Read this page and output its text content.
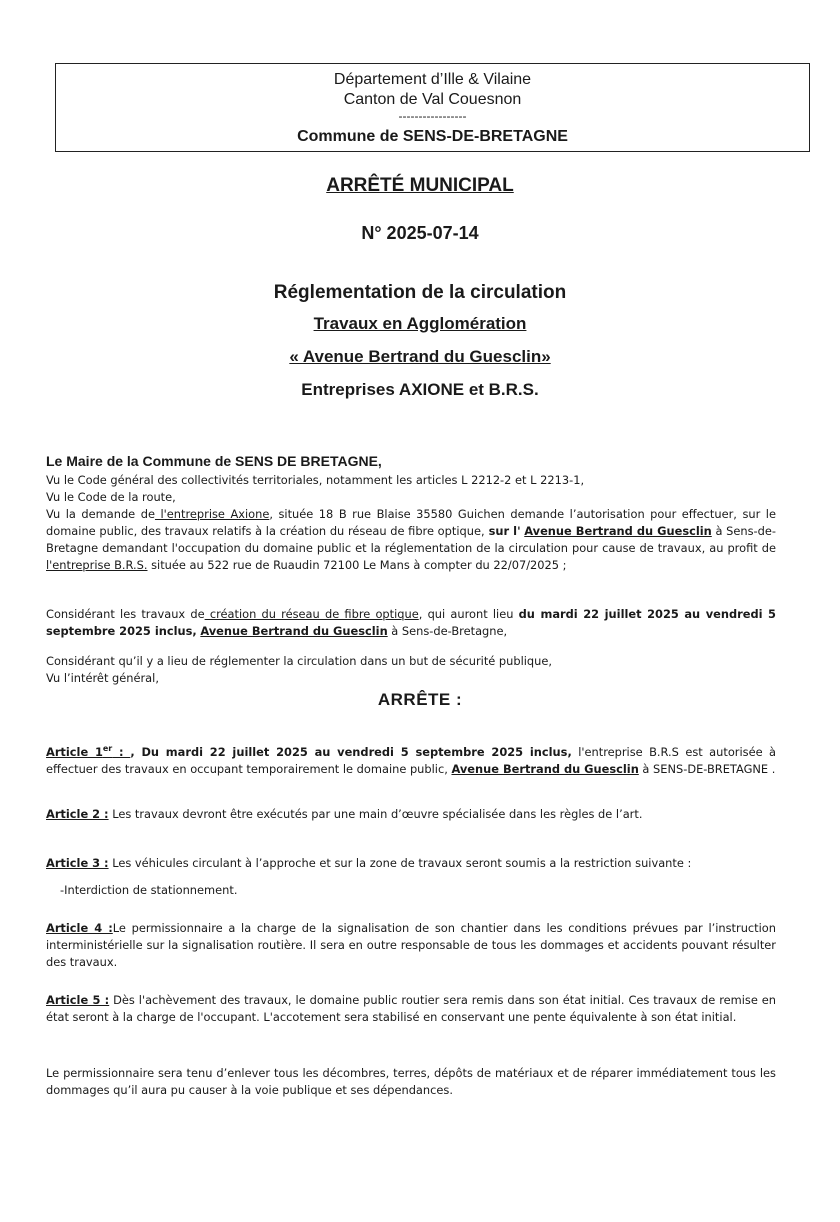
Département d’Ille & Vilaine
Canton de Val Couesnon
-----------------
Commune de SENS-DE-BRETAGNE
ARRÊTÉ MUNICIPAL
N° 2025-07-14
Réglementation de la circulation
Travaux en Agglomération
« Avenue Bertrand du Guesclin»
Entreprises AXIONE et B.R.S.
Le Maire de la Commune de SENS DE BRETAGNE,

Vu le Code général des collectivités territoriales, notamment les articles L 2212-2 et L 2213-1,

Vu le Code de la route,

Vu la demande de l'entreprise Axione, située 18 B rue Blaise 35580 Guichen demande l’autorisation pour effectuer, sur le domaine public, des travaux relatifs à la création du réseau de fibre optique, sur l' Avenue Bertrand du Guesclin à Sens-de-Bretagne demandant l'occupation du domaine public et la réglementation de la circulation pour cause de travaux, au profit de l'entreprise B.R.S. située au 522 rue de Ruaudin 72100 Le Mans à compter du 22/07/2025 ;

Considérant les travaux de création du réseau de fibre optique, qui auront lieu du mardi 22 juillet 2025 au vendredi 5 septembre 2025 inclus, Avenue Bertrand du Guesclin à Sens-de-Bretagne,

Considérant qu’il y a lieu de réglementer la circulation dans un but de sécurité publique,

Vu l’intérêt général,

ARRÊTE :
Article 1er : , Du mardi 22 juillet 2025 au vendredi 5 septembre 2025 inclus, l'entreprise B.R.S est autorisée à effectuer des travaux en occupant temporairement le domaine public, Avenue Bertrand du Guesclin à SENS-DE-BRETAGNE .
Article 2 : Les travaux devront être exécutés par une main d’œuvre spécialisée dans les règles de l’art.
Article 3 : Les véhicules circulant à l’approche et sur la zone de travaux seront soumis a la restriction suivante :
-Interdiction de stationnement.
Article 4 :Le permissionnaire a la charge de la signalisation de son chantier dans les conditions prévues par l’instruction interministérielle sur la signalisation routière. Il sera en outre responsable de tous les dommages et accidents pouvant résulter des travaux.
Article 5 : Dès l'achèvement des travaux, le domaine public routier sera remis dans son état initial. Ces travaux de remise en état seront à la charge de l'occupant. L'accotement sera stabilisé en conservant une pente équivalente à son état initial.
Le permissionnaire sera tenu d’enlever tous les décombres, terres, dépôts de matériaux et de réparer immédiatement tous les dommages qu’il aura pu causer à la voie publique et ses dépendances.
